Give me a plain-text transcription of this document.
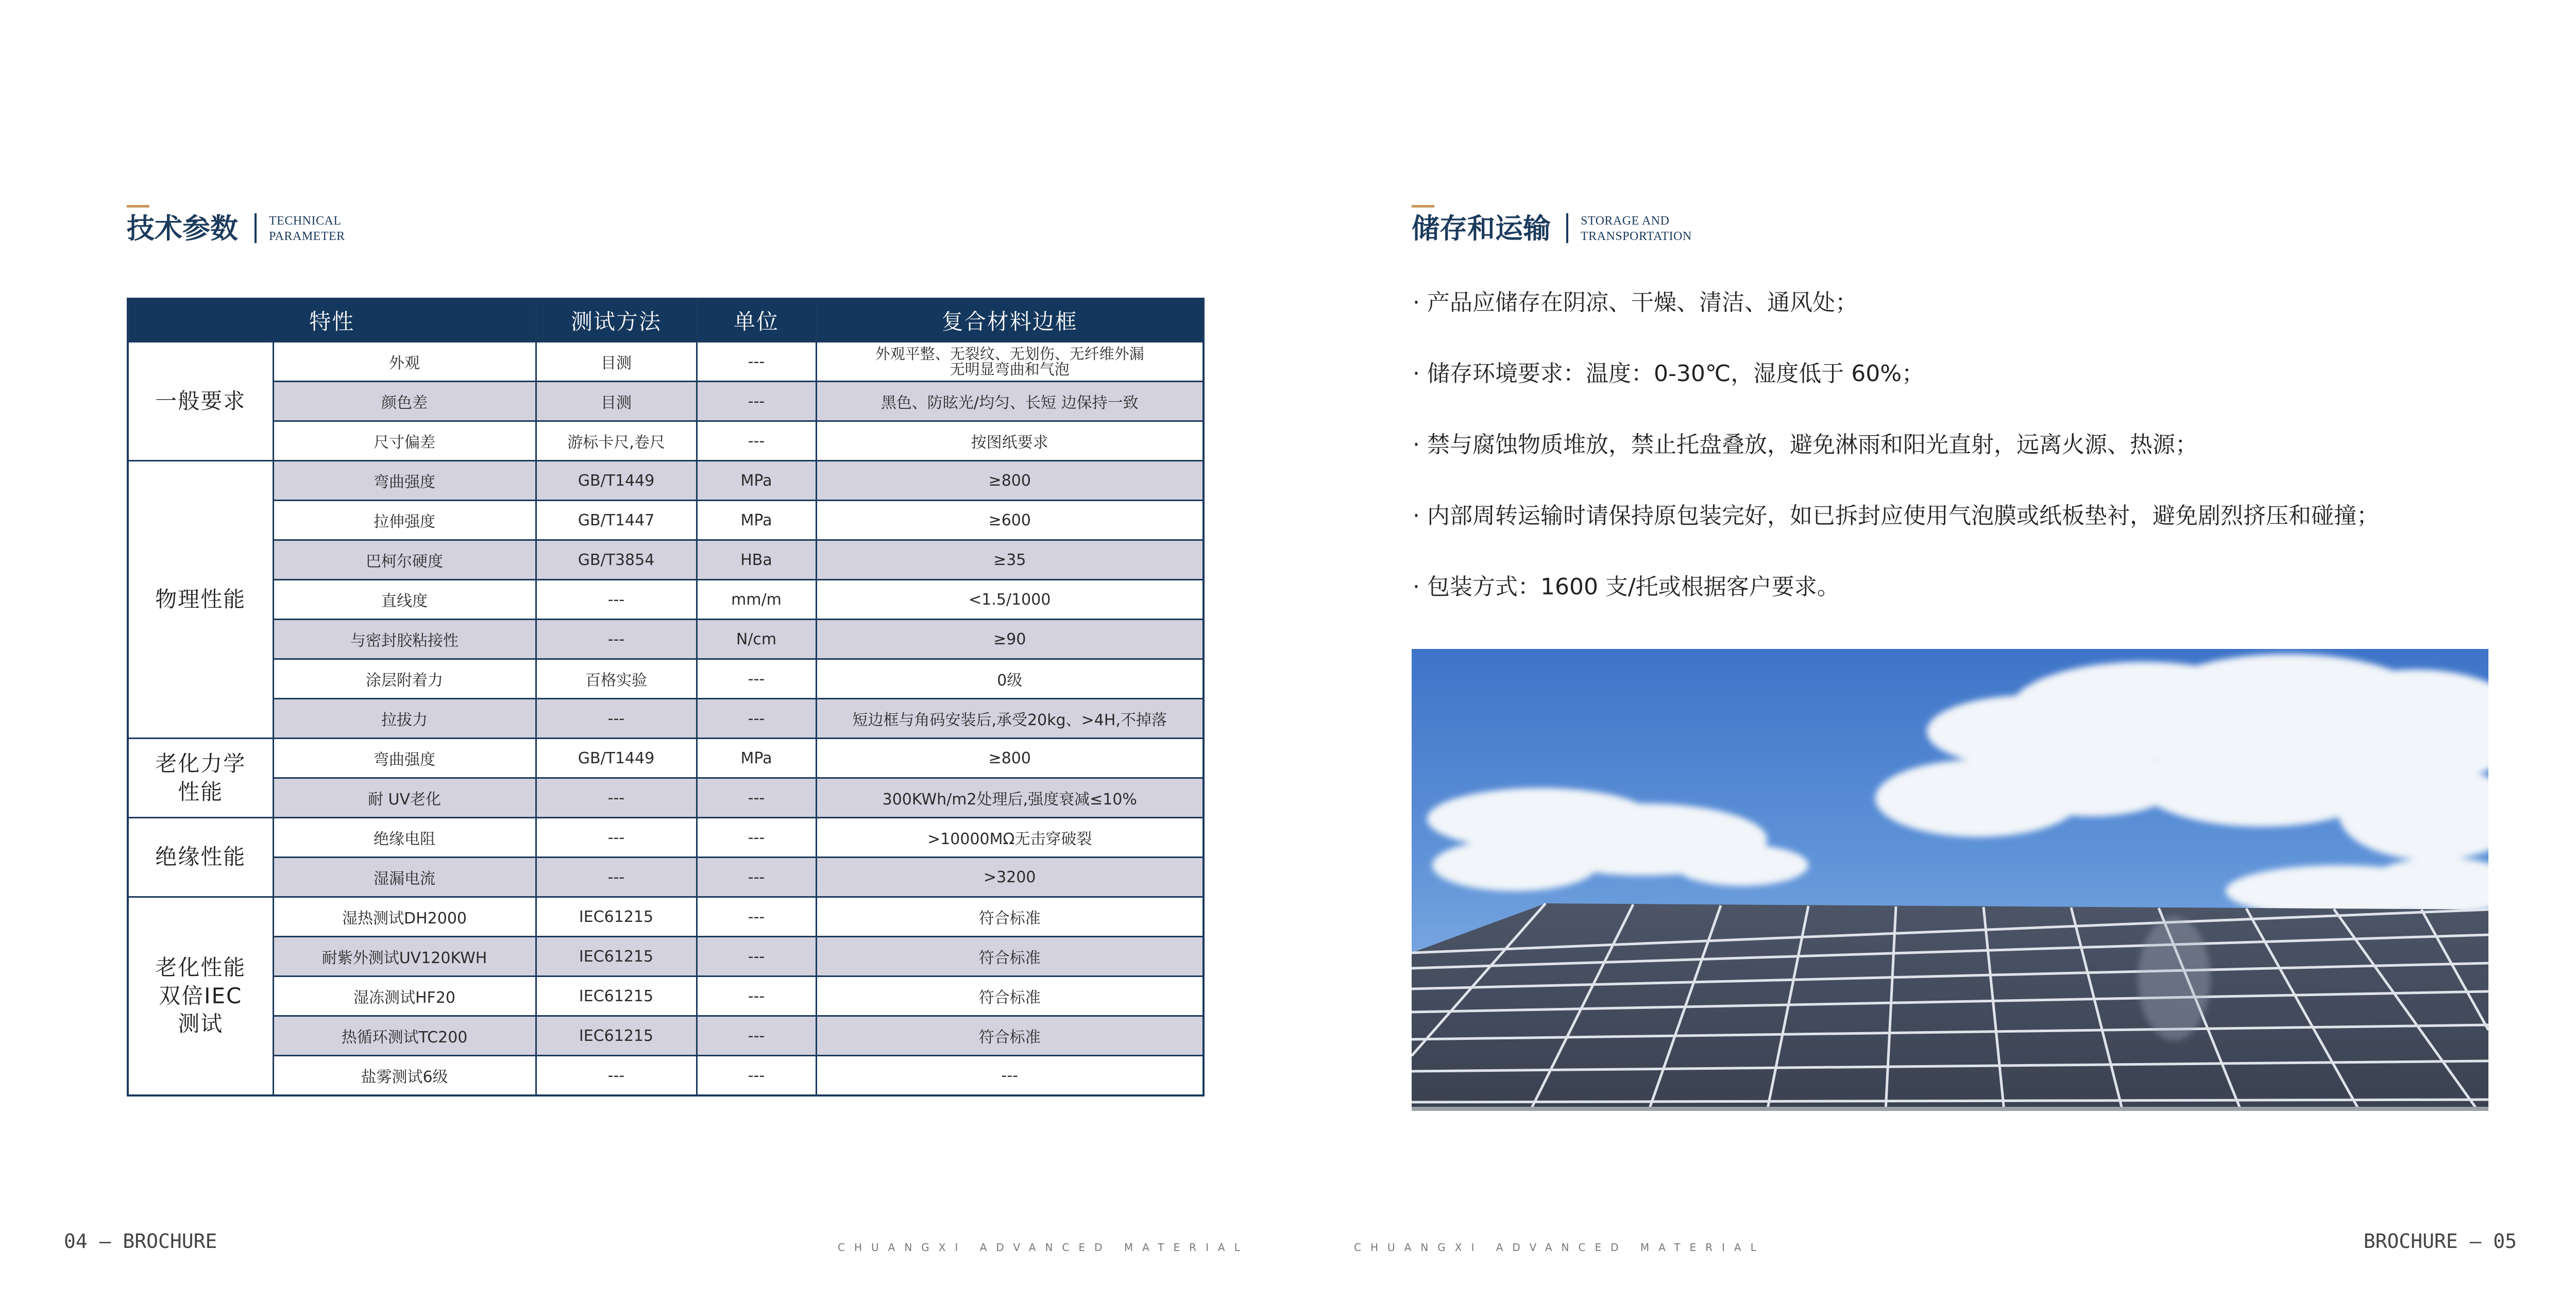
技术参数	TECHNICAL
PARAMETER
特性		测试方法	单位	复合材料边框
一般要求	外观	目测	---	外观平整、无裂纹、无划伤、无纤维外漏
无明显弯曲和气泡

	颜色差	目测	---	黑色、防眩光/均匀、长短 边保持一致
	尺寸偏差	游标卡尺,卷尺	---	按图纸要求
物理性能	弯曲强度	GB/T1449	MPa	≥800
	拉伸强度	GB/T1447	MPa	≥600
	巴柯尔硬度	GB/T3854	HBa	≥35
	直线度	---	mm/m	<1.5/1000
	与密封胶粘接性	---	N/cm	≥90
	涂层附着力	百格实验	---	0级
	拉拔力	---	---	短边框与角码安装后,承受20kg、>4H,不掉落

老化力学
性能	弯曲强度	GB/T1449	MPa	≥800
	耐 UV老化	---	---	300KWh/m2处理后,强度衰减≤10%
绝缘性能	绝缘电阻	---	---	>10000MΩ无击穿破裂
	湿漏电流	---	---	>3200

老化性能
双倍IEC
测试	湿热测试DH2000	IEC61215	---	符合标准
	耐紫外测试UV120KWH	IEC61215	---	符合标准
	湿冻测试HF20	IEC61215	---	符合标准
	热循环测试TC200	IEC61215	---	符合标准
	盐雾测试6级	---	---	---
储存和运输 STORAGE AND
TRANSPORTATION
· 产品应储存在阴凉、干燥、清洁、通风处；
· 储存环境要求：温度：0-30℃，湿度低于 60%；
· 禁与腐蚀物质堆放，禁止托盘叠放，避免淋雨和阳光直射，远离火源、热源；
· 内部周转运输时请保持原包装完好，如已拆封应使用气泡膜或纸板垫衬，避免剧烈挤压和碰撞；
· 包装方式：1600 支/托或根据客户要求。
04 — BROCHURE	CHUANGXI ADVANCED MATERIAL	CHUANGXI ADVANCED MATERIAL	BROCHURE — 05
